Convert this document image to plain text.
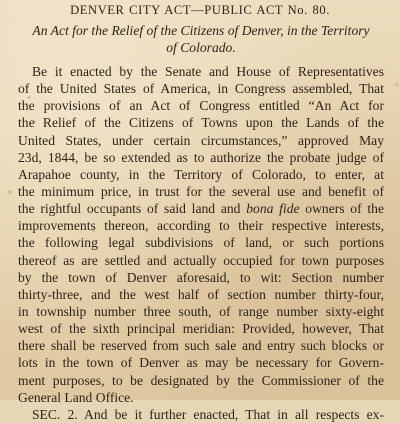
DENVER CITY ACT—PUBLIC ACT No. 80.
An Act for the Relief of the Citizens of Denver, in the Territory
of Colorado.
Be it enacted by the Senate and House of Representatives
of the United States of America, in Congress assembled, That
the provisions of an Act of Congress entitled “An Act for
the Relief of the Citizens of Towns upon the Lands of the
United States, under certain circumstances,” approved May
23d, 1844, be so extended as to authorize the probate judge of
Arapahoe county, in the Territory of Colorado, to enter, at
the minimum price, in trust for the several use and benefit of
the rightful occupants of said land and bona fide owners of the
improvements thereon, according to their respective interests,
the following legal subdivisions of land, or such portions
thereof as are settled and actually occupied for town purposes
by the town of Denver aforesaid, to wit: Section number
thirty-three, and the west half of section number thirty-four,
in township number three south, of range number sixty-eight
west of the sixth principal meridian: Provided, however, That
there shall be reserved from such sale and entry such blocks or
lots in the town of Denver as may be necessary for Govern-
ment purposes, to be designated by the Commissioner of the
General Land Office.
SEC. 2. And be it further enacted, That in all respects ex-
